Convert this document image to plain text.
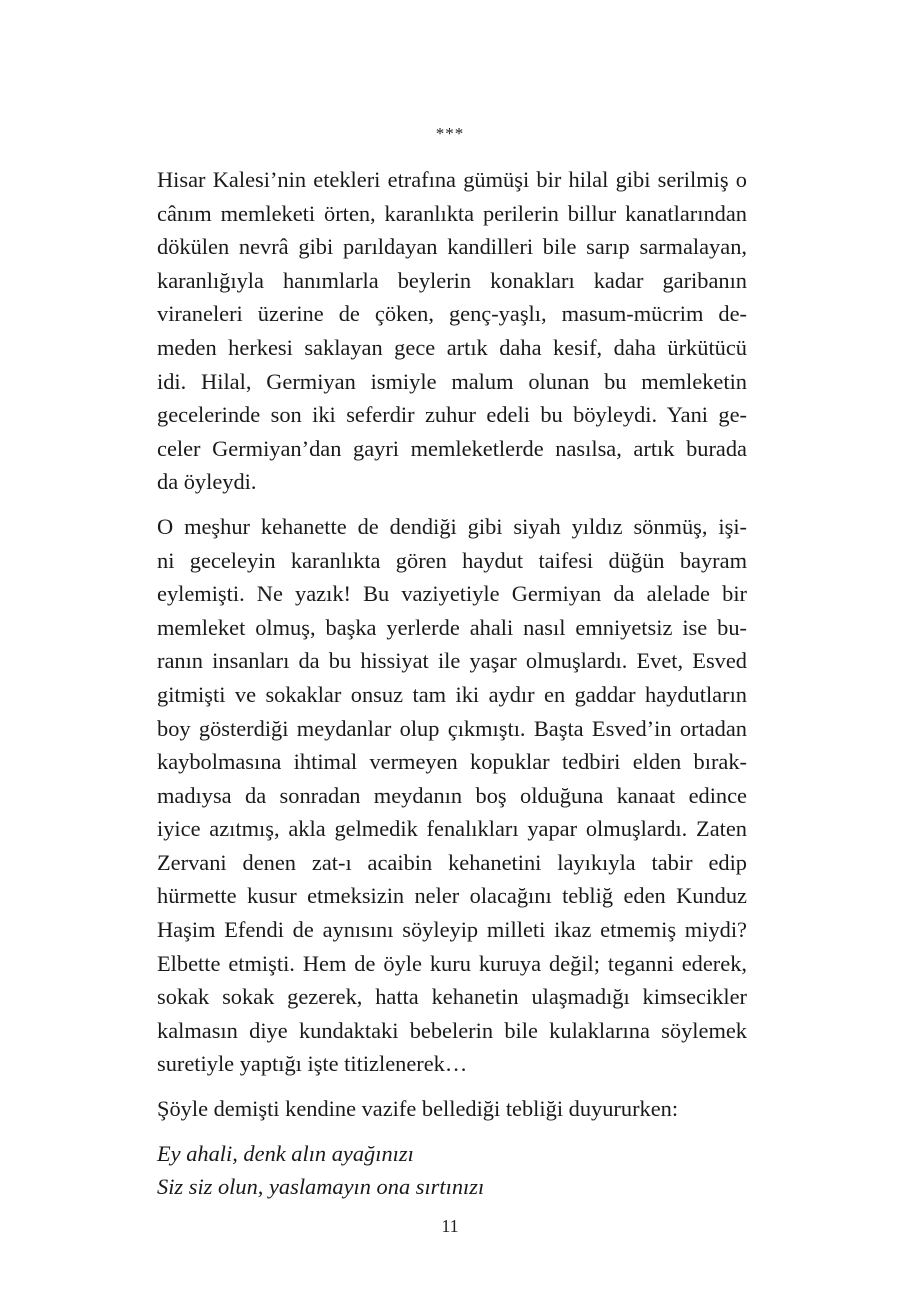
***
Hisar Kalesi’nin etekleri etrafına gümüşi bir hilal gibi serilmiş o
cânım memleketi örten, karanlıkta perilerin billur kanatlarından
dökülen nevrâ gibi parıldayan kandilleri bile sarıp sarmalayan,
karanlığıyla hanımlarla beylerin konakları kadar garibanın
viraneleri üzerine de çöken, genç-yaşlı, masum-mücrim de-
meden herkesi saklayan gece artık daha kesif, daha ürkütücü
idi. Hilal, Germiyan ismiyle malum olunan bu memleketin
gecelerinde son iki seferdir zuhur edeli bu böyleydi. Yani ge-
celer Germiyan’dan gayri memleketlerde nasılsa, artık burada
da öyleydi.
O meşhur kehanette de dendiği gibi siyah yıldız sönmüş, işi-
ni geceleyin karanlıkta gören haydut taifesi düğün bayram
eylemişti. Ne yazık! Bu vaziyetiyle Germiyan da alelade bir
memleket olmuş, başka yerlerde ahali nasıl emniyetsiz ise bu-
ranın insanları da bu hissiyat ile yaşar olmuşlardı. Evet, Esved
gitmişti ve sokaklar onsuz tam iki aydır en gaddar haydutların
boy gösterdiği meydanlar olup çıkmıştı. Başta Esved’in ortadan
kaybolmasına ihtimal vermeyen kopuklar tedbiri elden bırak-
madıysa da sonradan meydanın boş olduğuna kanaat edince
iyice azıtmış, akla gelmedik fenalıkları yapar olmuşlardı. Zaten
Zervani denen zat-ı acaibin kehanetini layıkıyla tabir edip
hürmette kusur etmeksizin neler olacağını tebliğ eden Kunduz
Haşim Efendi de aynısını söyleyip milleti ikaz etmemiş miydi?
Elbette etmişti. Hem de öyle kuru kuruya değil; teganni ederek,
sokak sokak gezerek, hatta kehanetin ulaşmadığı kimsecikler
kalmasın diye kundaktaki bebelerin bile kulaklarına söylemek
suretiyle yaptığı işte titizlenerek…
Şöyle demişti kendine vazife bellediği tebliği duyururken:
Ey ahali, denk alın ayağınızı
Siz siz olun, yaslamayın ona sırtınızı
11
